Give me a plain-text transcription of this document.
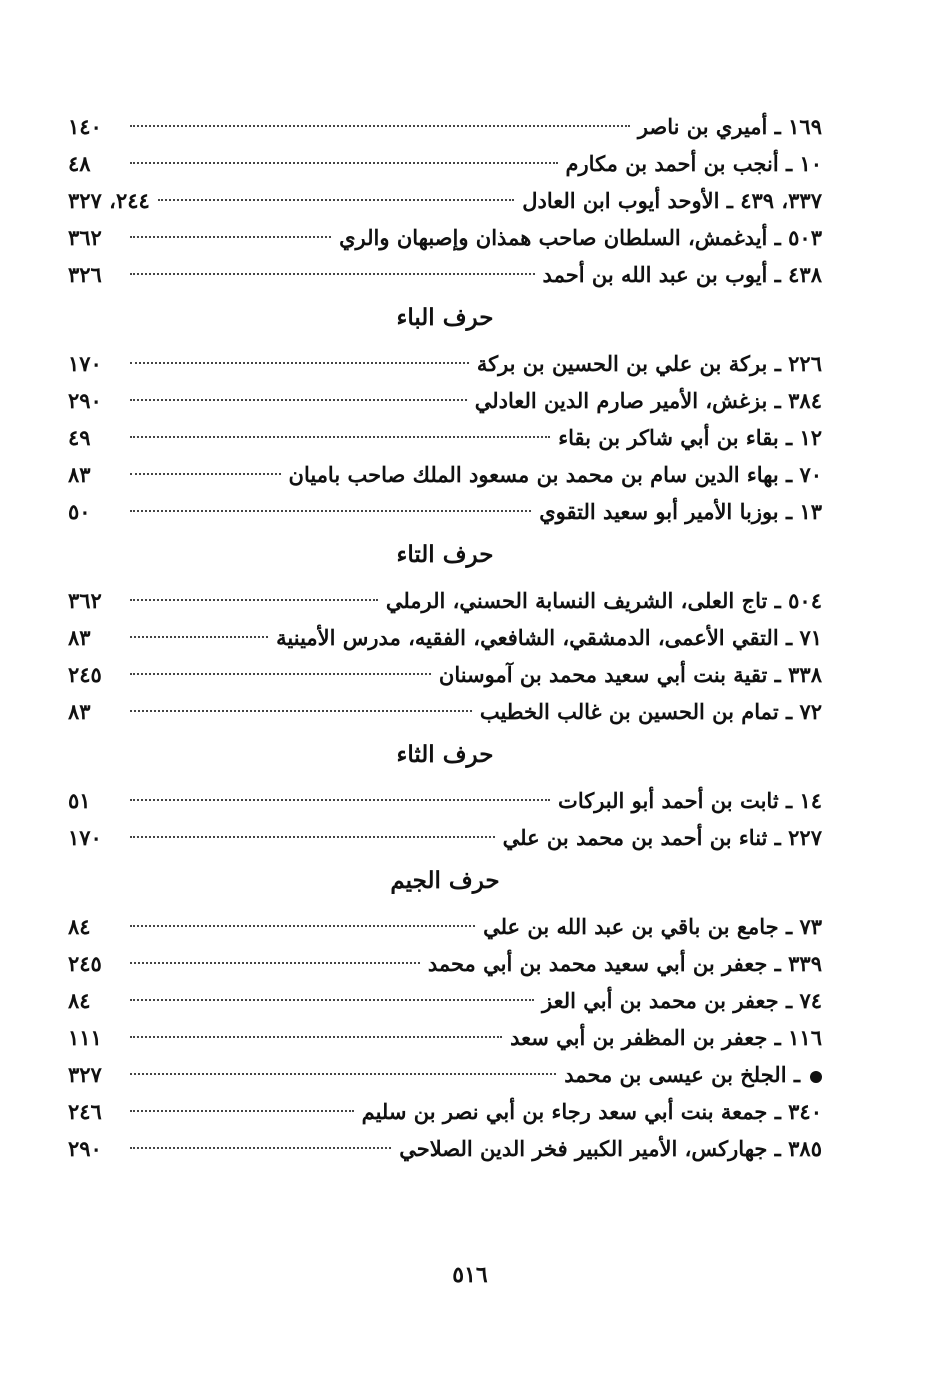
١٦٩ ـ أميري بن ناصر
١٤٠
١٠ ـ أنجب بن أحمد بن مكارم
٤٨
٣٣٧، ٤٣٩ ـ الأوحد أيوب ابن العادل
٢٤٤، ٣٢٧
٥٠٣ ـ أيدغمش، السلطان صاحب همذان وإصبهان والري
٣٦٢
٤٣٨ ـ أيوب بن عبد الله بن أحمد
٣٢٦
حرف الباء
٢٢٦ ـ بركة بن علي بن الحسين بن بركة
١٧٠
٣٨٤ ـ بزغش، الأمير صارم الدين العادلي
٢٩٠
١٢ ـ بقاء بن أبي شاكر بن بقاء
٤٩
٧٠ ـ بهاء الدين سام بن محمد بن مسعود الملك صاحب باميان
٨٣
١٣ ـ بوزبا الأمير أبو سعيد التقوي
٥٠
حرف التاء
٥٠٤ ـ تاج العلى، الشريف النسابة الحسني، الرملي
٣٦٢
٧١ ـ التقي الأعمى، الدمشقي، الشافعي، الفقيه، مدرس الأمينية
٨٣
٣٣٨ ـ تقية بنت أبي سعيد محمد بن آموسنان
٢٤٥
٧٢ ـ تمام بن الحسين بن غالب الخطيب
٨٣
حرف الثاء
١٤ ـ ثابت بن أحمد أبو البركات
٥١
٢٢٧ ـ ثناء بن أحمد بن محمد بن علي
١٧٠
حرف الجيم
٧٣ ـ جامع بن باقي بن عبد الله بن علي
٨٤
٣٣٩ ـ جعفر بن أبي سعيد محمد بن أبي محمد
٢٤٥
٧٤ ـ جعفر بن محمد بن أبي العز
٨٤
١١٦ ـ جعفر بن المظفر بن أبي سعد
١١١
ـ الجلخ بن عيسى بن محمد
٣٢٧
٣٤٠ ـ جمعة بنت أبي سعد رجاء بن أبي نصر بن سليم
٢٤٦
٣٨٥ ـ جهاركس، الأمير الكبير فخر الدين الصلاحي
٢٩٠
٥١٦
